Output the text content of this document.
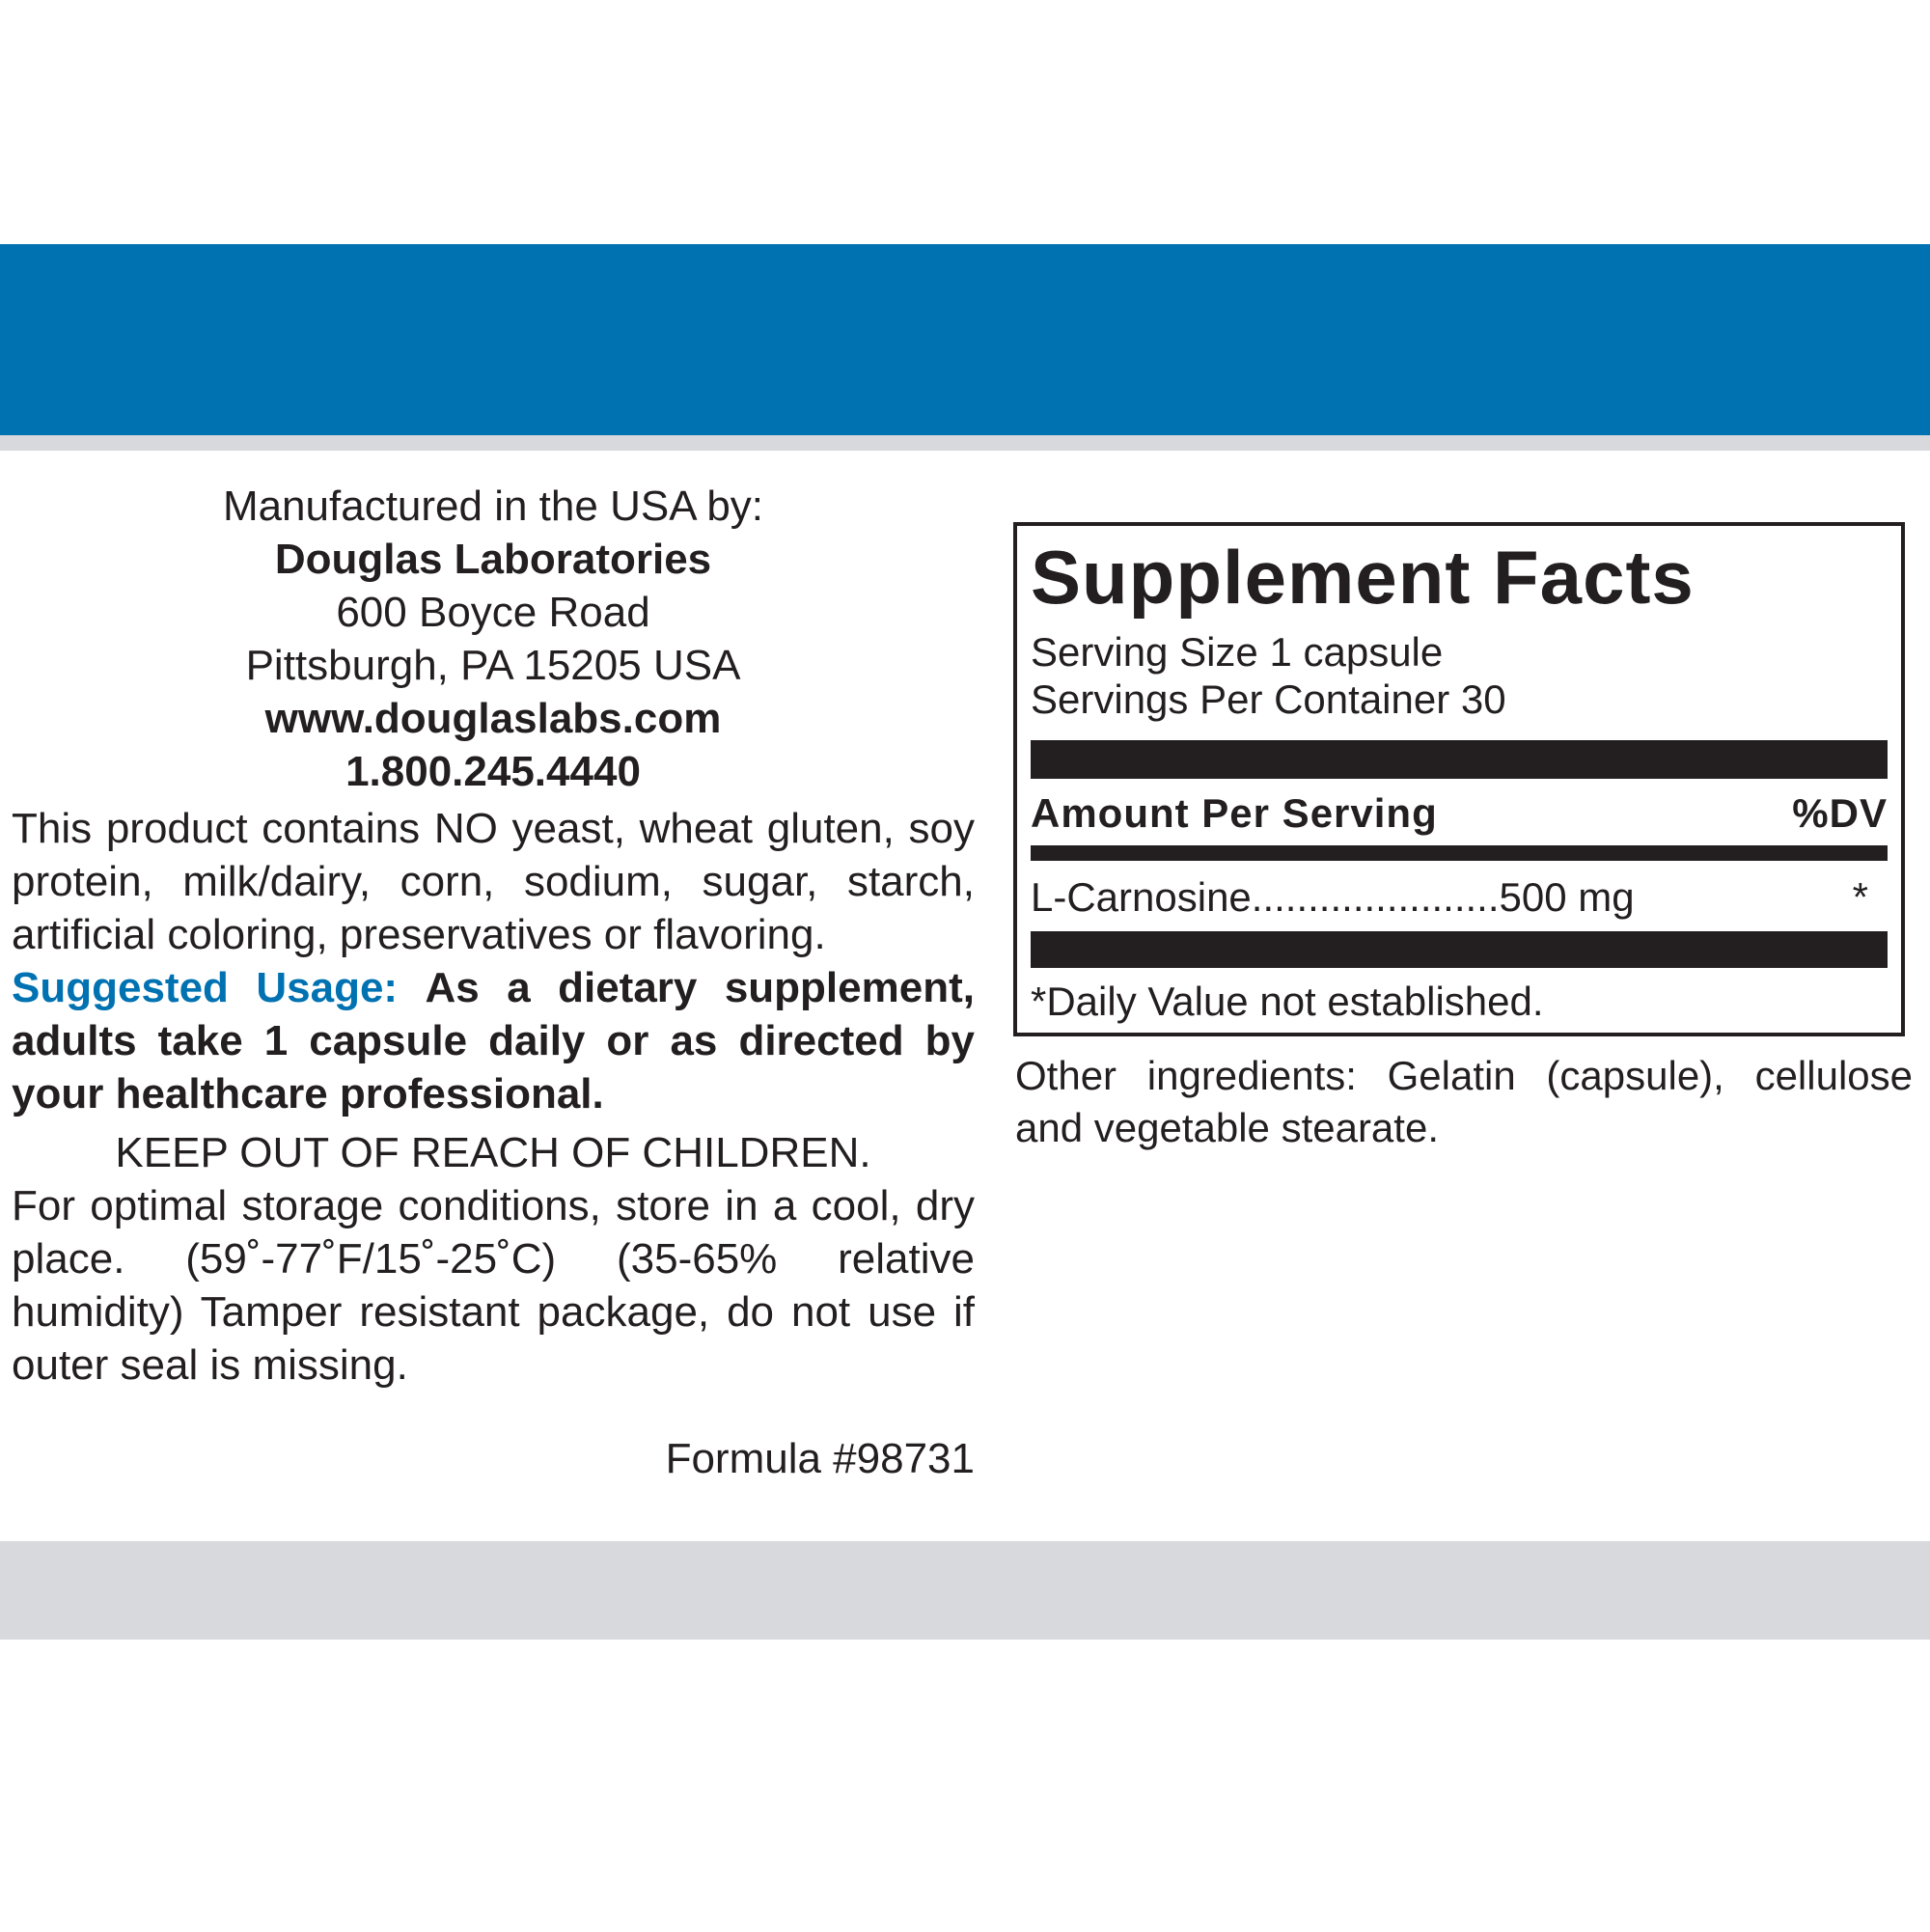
Manufactured in the USA by:
Douglas Laboratories
600 Boyce Road
Pittsburgh, PA 15205 USA
www.douglaslabs.com
1.800.245.4440

This product contains NO yeast, wheat gluten, soy protein, milk/dairy, corn, sodium, sugar, starch, artificial coloring, preservatives or flavoring.

Suggested Usage: As a dietary supplement, adults take 1 capsule daily or as directed by your healthcare professional.

KEEP OUT OF REACH OF CHILDREN.

For optimal storage conditions, store in a cool, dry place. (59˚-77˚F/15˚-25˚C) (35-65% relative humidity) Tamper resistant package, do not use if outer seal is missing.

Formula #98731
Supplement Facts
Serving Size 1 capsule
Servings Per Container 30
Amount Per Serving	%DV
L-Carnosine......................500 mg	*
*Daily Value not established.
Other ingredients: Gelatin (capsule), cellulose and vegetable stearate.
